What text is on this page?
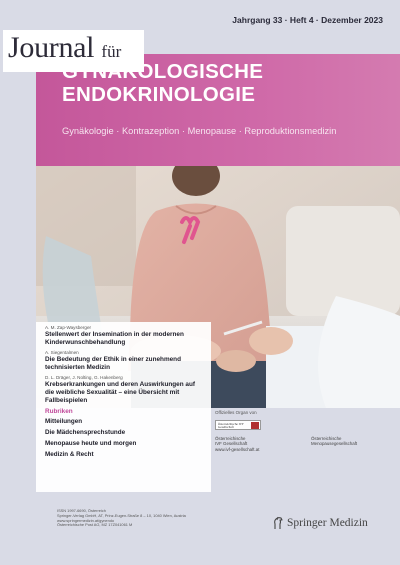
Jahrgang 33 · Heft 4 · Dezember 2023
Journal für
GYNÄKOLOGISCHE
ENDOKRINOLOGIE
Gynäkologie · Kontrazeption · Menopause · Reproduktionsmedizin
A. M. Zap-Waysberger
Stellenwert der Insemination in der modernen Kinderwunschbehandlung
A. Siegentalmen
Die Bedeutung der Ethik in einer zunehmend technisierten Medizin
D. L. Dräger, J. Nolting, G. Hakenberg
Krebserkrankungen und deren Auswirkungen auf die weibliche Sexualität – eine Übersicht mit Fallbeispielen
Rubriken
Mitteilungen
Die Mädchensprechstunde
Menopause heute und morgen
Medizin & Recht
Offizielles Organ von
Österreichische IVF Gesellschaft
Österreichische
IVF Gesellschaft
www.ivf-gesellschaft.at
Österreichische
Menopausegesellschaft
ISSN 1997-6690, Österreich
Springer-Verlag GmbH, AT, Prinz-Eugen-Straße 8 – 10, 1040 Wien, Austria
www.springermedizin.at/gynendo
Österreichische Post AG, MZ 17Z041061 M	Springer Medizin
